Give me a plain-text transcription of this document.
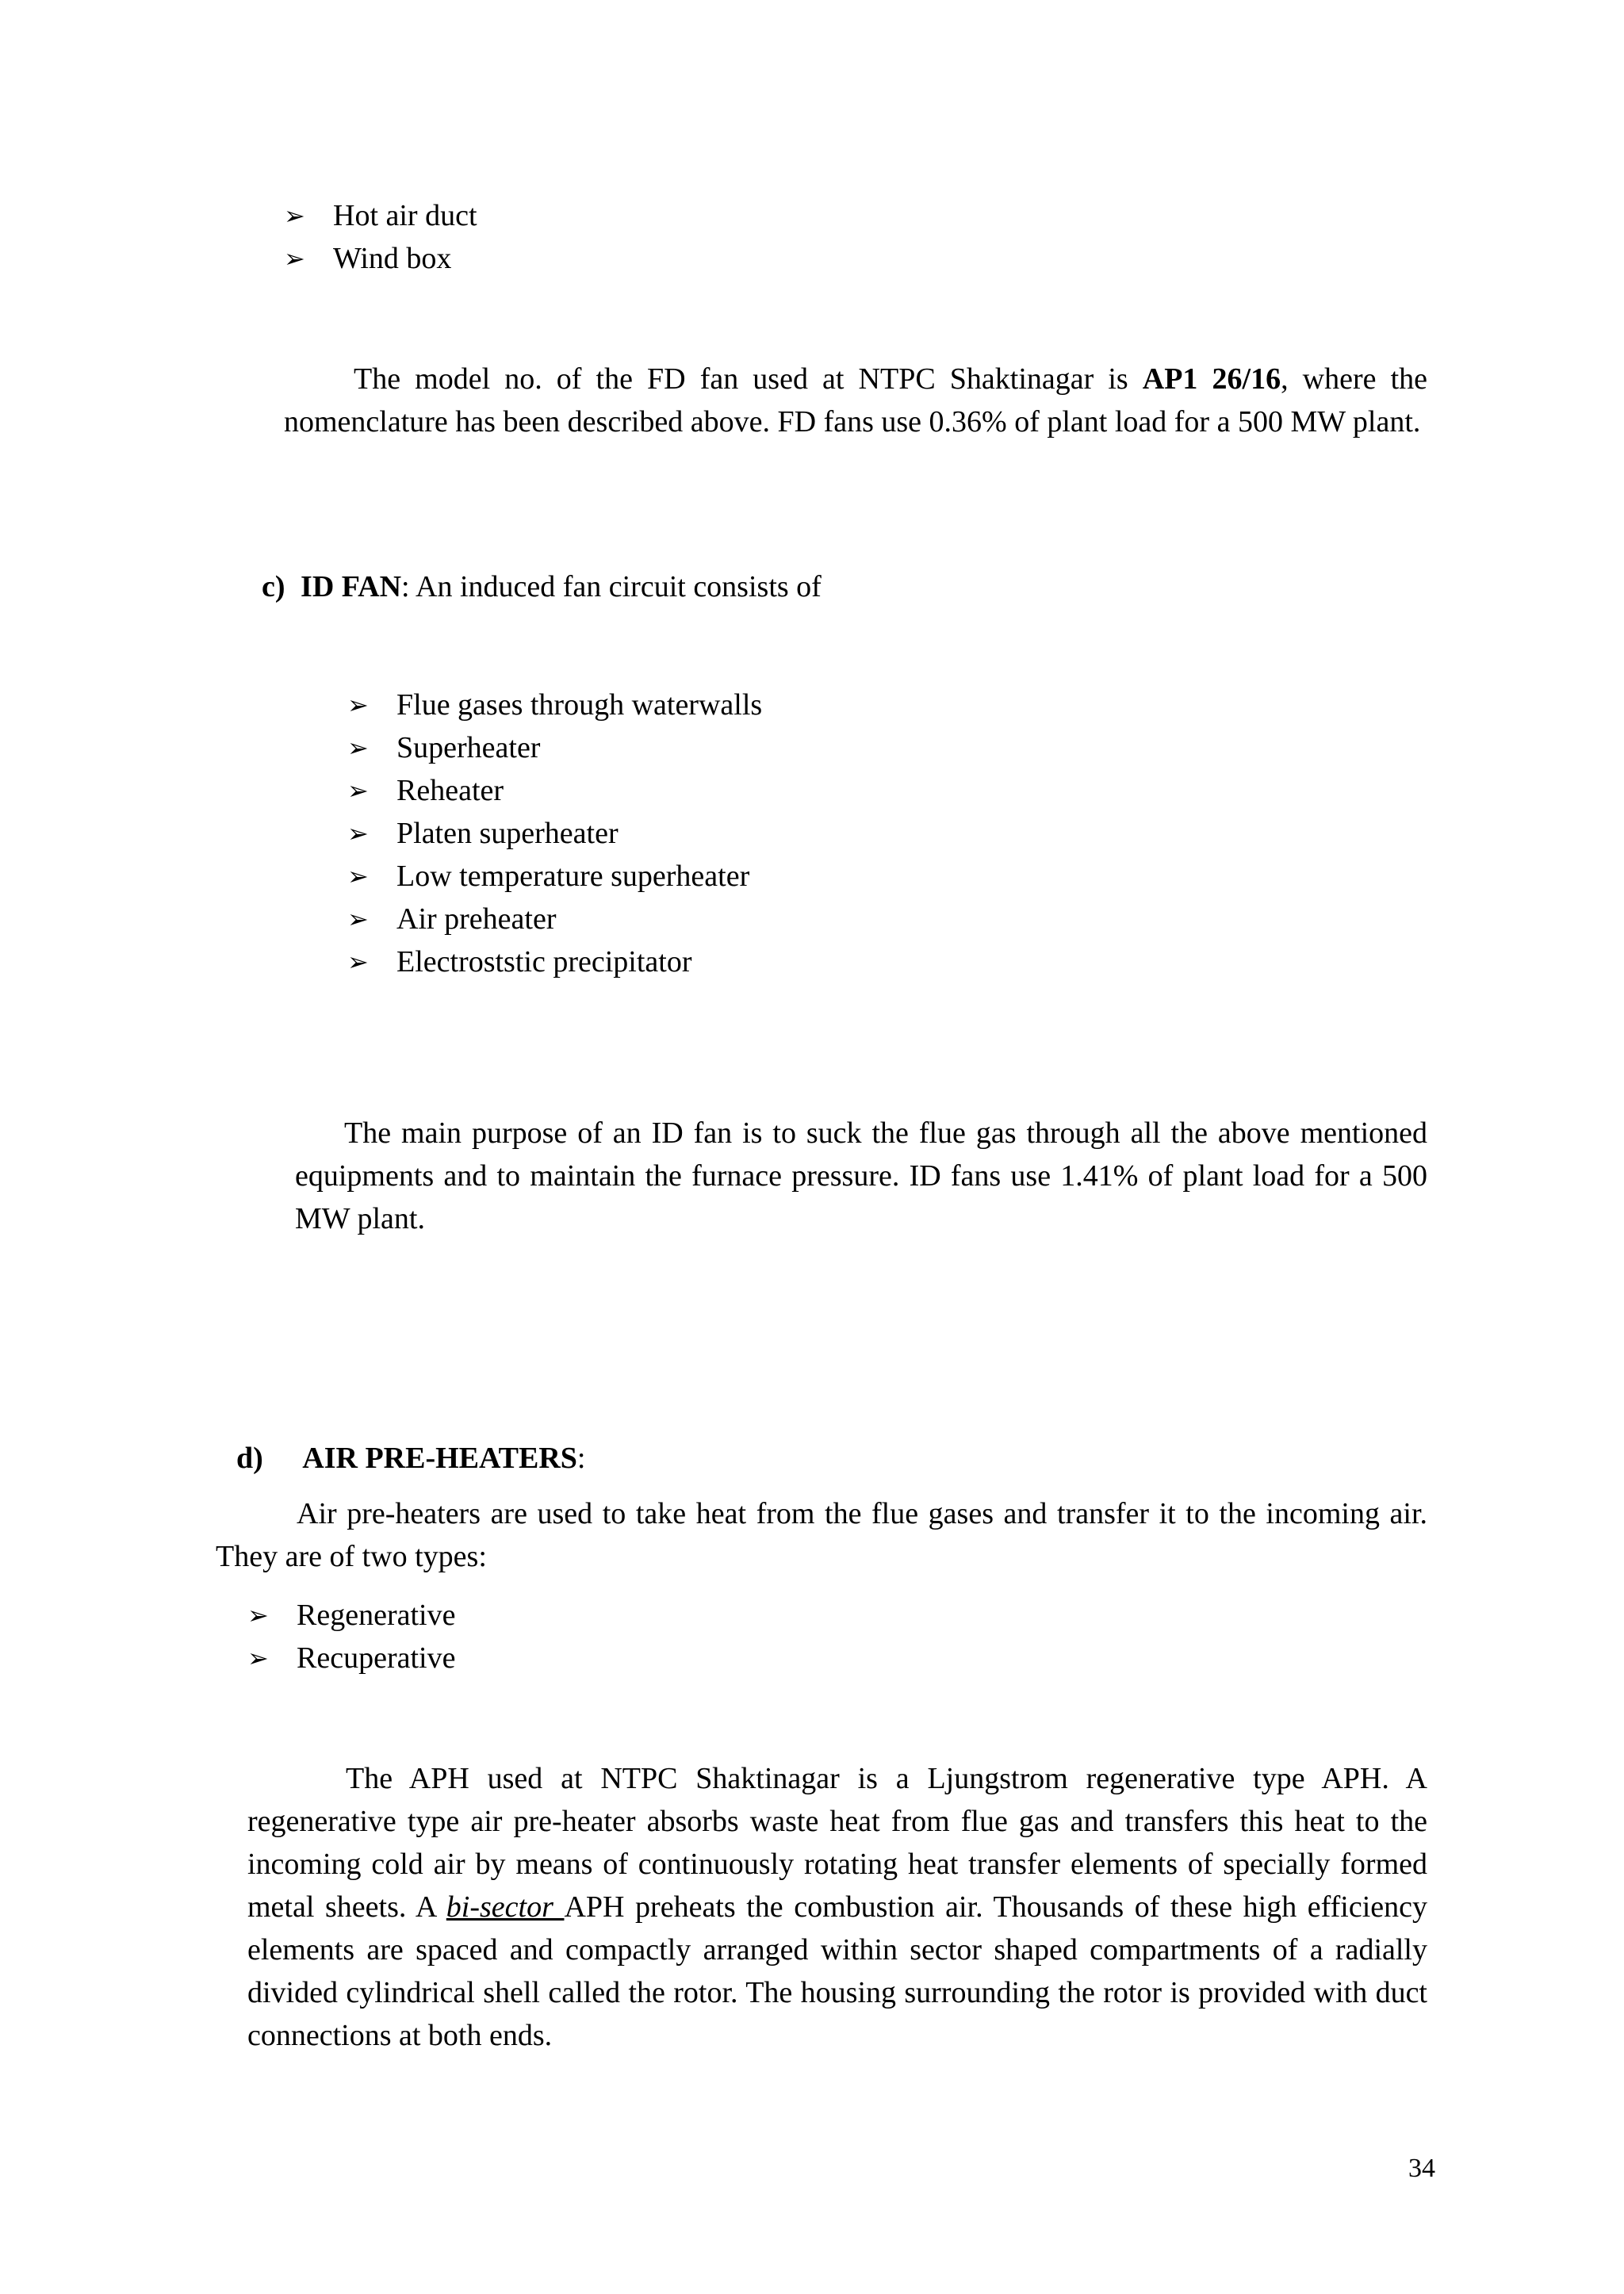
➢ Hot air duct
➢ Wind box
The model no. of the FD fan used at NTPC Shaktinagar is AP1 26/16, where the nomenclature has been described above. FD fans use 0.36% of plant load for a 500 MW plant.
c) ID FAN: An induced fan circuit consists of
➢ Flue gases through waterwalls
➢ Superheater
➢ Reheater
➢ Platen superheater
➢ Low temperature superheater
➢ Air preheater
➢ Electroststic precipitator
The main purpose of an ID fan is to suck the flue gas through all the above mentioned equipments and to maintain the furnace pressure. ID fans use 1.41% of plant load for a 500 MW plant.
d) AIR PRE-HEATERS:
Air pre-heaters are used to take heat from the flue gases and transfer it to the incoming air. They are of two types:
➢ Regenerative
➢ Recuperative
The APH used at NTPC Shaktinagar is a Ljungstrom regenerative type APH. A regenerative type air pre-heater absorbs waste heat from flue gas and transfers this heat to the incoming cold air by means of continuously rotating heat transfer elements of specially formed metal sheets. A bi-sector APH preheats the combustion air. Thousands of these high efficiency elements are spaced and compactly arranged within sector shaped compartments of a radially divided cylindrical shell called the rotor. The housing surrounding the rotor is provided with duct connections at both ends.
34
